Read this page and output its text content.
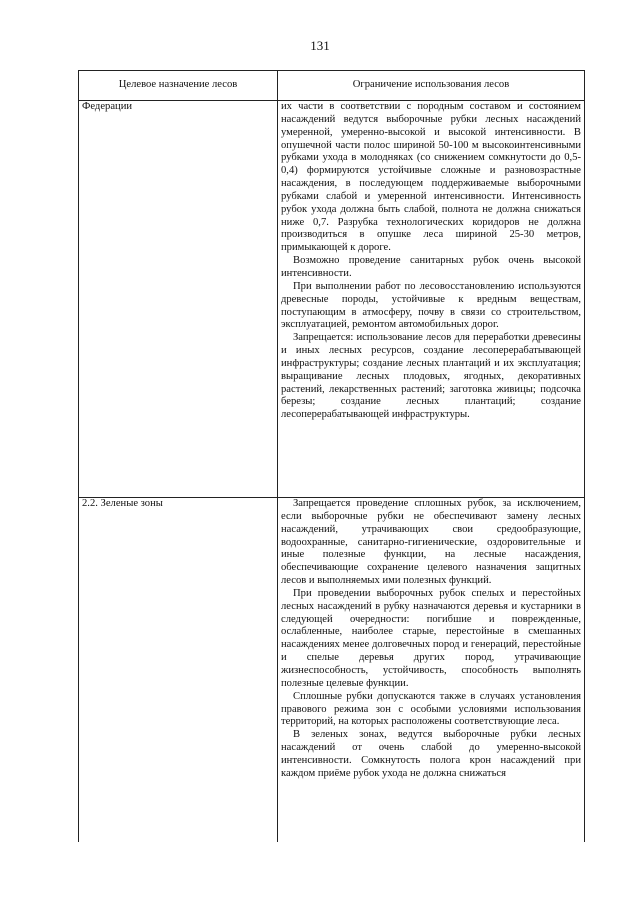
131
Целевое назначение лесов	Ограничение использования лесов
Федерации	их части в соответствии с породным составом и состоянием насаждений ведутся выборочные рубки лесных насаждений умеренной, умеренно-высокой и высокой интенсивности. В опушечной части полос шириной 50-100 м высокоинтенсивными рубками ухода в молодняках (со снижением сомкнутости до 0,5-0,4) формируются устойчивые сложные и разновозрастные насаждения, в последующем поддерживаемые выборочными рубками слабой и умеренной интенсивности. Интенсивность рубок ухода должна быть слабой, полнота не должна снижаться ниже 0,7. Разрубка технологических коридоров не должна производиться в опушке леса шириной 25-30 метров, примыкающей к дороге.

Возможно проведение санитарных рубок очень высокой интенсивности.

При выполнении работ по лесовосстановлению используются древесные породы, устойчивые к вредным веществам, поступающим в атмосферу, почву в связи со строительством, эксплуатацией, ремонтом автомобильных дорог.

Запрещается: использование лесов для переработки древесины и иных лесных ресурсов, создание лесоперерабатывающей инфраструктуры; создание лесных плантаций и их эксплуатация; выращивание лесных плодовых, ягодных, декоративных растений, лекарственных растений; заготовка живицы; подсочка березы; создание лесных плантаций; создание лесоперерабатывающей инфраструктуры.

2.2. Зеленые зоны	Запрещается проведение сплошных рубок, за исключением, если выборочные рубки не обеспечивают замену лесных насаждений, утрачивающих свои средообразующие, водоохранные, санитарно-гигиенические, оздоровительные и иные полезные функции, на лесные насаждения, обеспечивающие сохранение целевого назначения защитных лесов и выполняемых ими полезных функций.

При проведении выборочных рубок спелых и перестойных лесных насаждений в рубку назначаются деревья и кустарники в следующей очередности: погибшие и поврежденные, ослабленные, наиболее старые, перестойные в смешанных насаждениях менее долговечных пород и генераций, перестойные и спелые деревья других пород, утрачивающие жизнеспособность, устойчивость, способность выполнять полезные целевые функции.

Сплошные рубки допускаются также в случаях установления правового режима зон с особыми условиями использования территорий, на которых расположены соответствующие леса.

В зеленых зонах, ведутся выборочные рубки лесных насаждений от очень слабой до умеренно-высокой интенсивности. Сомкнутость полога крон насаждений при каждом приёме рубок ухода не должна снижаться
